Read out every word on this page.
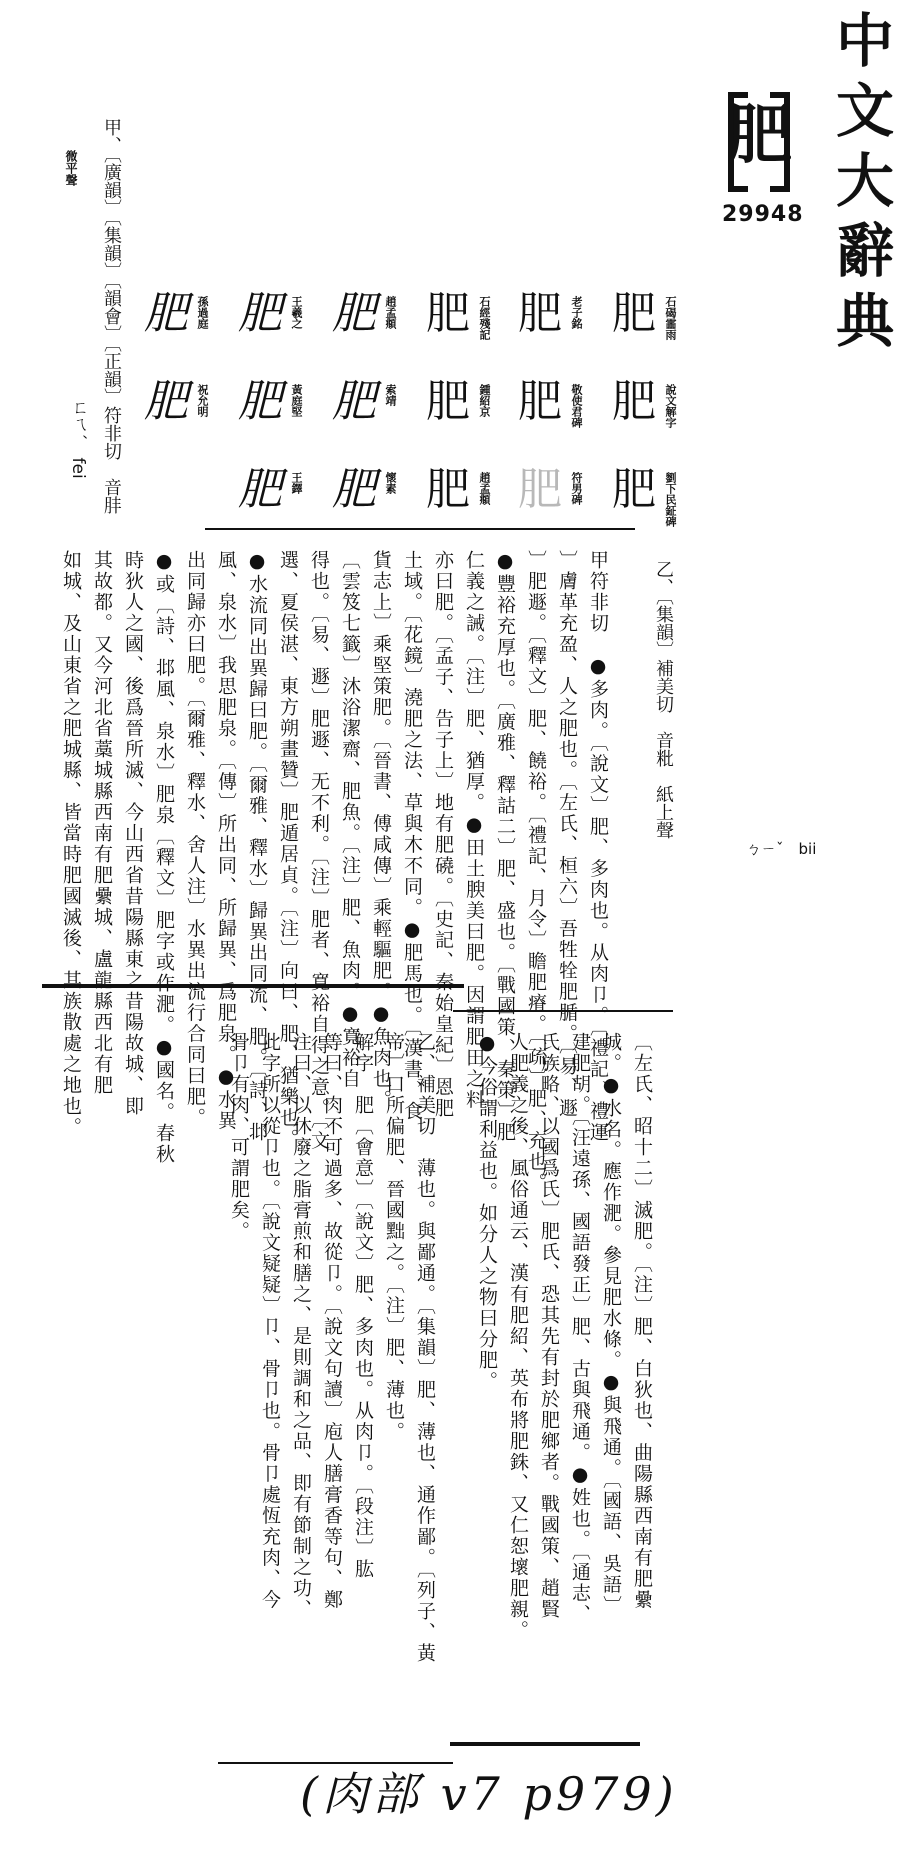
中文大辭典
肥
29948
肥 石碣霝雨
肥 說文解字
肥 劉下民鉦碑
肥 老子銘
肥 敬使君碑
肥 符男碑
肥 石經殘記
肥 鍾紹京
肥 趙孟頫
肥 趙孟頫
肥 索靖
肥 懷素
肥 王羲之
肥 黃庭堅
肥 王鐸
肥 孫過庭
肥 祝允明
甲、〔廣韻〕〔集韻〕〔韻會〕〔正韻〕符非切　音肨
微平聲
ㄈㄟˊ　fei
乙、〔集韻〕補美切　音粃　紙上聲
ㄅㄧˇ　bii
甲符非切　●多肉。〔說文〕肥、多肉也。从肉卩。〔禮記、禮運
〕膚革充盈、人之肥也。〔左氏、桓六〕吾牲牷肥腯。〔易、遯
〕肥遯。〔釋文〕肥、饒裕。〔禮記、月令〕瞻肥瘠。〔疏〕肥、充也。
●豐裕充厚也。〔廣雅、釋詁二〕肥、盛也。〔戰國策、秦策〕肥
仁義之誡。〔注〕肥、猶厚。●田土腴美曰肥。因謂肥田之料
亦曰肥。〔孟子、告子上〕地有肥磽。〔史記、秦始皇紀〕恩肥
土域。〔花鏡〕澆肥之法、草與木不同。●肥馬也。〔漢書、食
貨志上〕乘堅策肥。〔晉書、傅咸傳〕乘輕驅肥。●魚肉也。
〔雲笈七籤〕沐浴潔齋、肥魚。〔注〕肥、魚肉。●寬裕自
得也。〔易、遯〕肥遯、无不利。〔注〕肥者、寬裕自得之意。〔文
選、夏侯湛、東方朔畫贊〕肥遁居貞。〔注〕向曰、肥、猶樂也。
●水流同出異歸曰肥。〔爾雅、釋水〕歸異出同流、肥。〔詩、邶
風、泉水〕我思肥泉。〔傳〕所出同、所歸異、爲肥泉。●水異
出同歸亦曰肥。〔爾雅、釋水、舍人注〕水異出流行合同曰肥。
●或〔詩、邶風、泉水〕肥泉〔釋文〕肥字或作淝。●國名。春秋
時狄人之國、後爲晉所滅、今山西省昔陽縣東之昔陽故城、即
其故都。又今河北省藁城縣西南有肥纍城、盧龍縣西北有肥
如城、及山東省之肥城縣、皆當時肥國滅後、其族散處之地也。
〔左氏、昭十二〕滅肥。〔注〕肥、白狄也、曲陽縣西南有肥纍
城。●水名。應作淝。參見肥水條。●與飛通。〔國語、吳語〕
建肥胡。〔汪遠孫、國語發正〕肥、古與飛通。●姓也。〔通志、
氏族略、以國爲氏〕肥氏、恐其先有封於肥鄉者。戰國策、趙賢
人肥義之後、風俗通云、漢有肥紹、英布將肥銖、又仁恕壞肥親。
●今俗謂利益也。如分人之物曰分肥。
乙、補美切　薄也。與鄙通。〔集韻〕肥、薄也、通作鄙。〔列子、黃
帝〕口所偏肥、晉國黜之。〔注〕肥、薄也。
解字　肥〔會意〕〔說文〕肥、多肉也。从肉卩。〔段注〕肱
等曰、肉不可過多、故從卩。〔說文句讀〕庖人膳膏香等句、鄭
注曰、以休廢之脂膏煎和膳之、是則調和之品、即有節制之功、
此字所以從卩也。〔說文疑疑〕卩、骨卩也。骨卩處恆充肉、今
骨卩有肉、可謂肥矣。
(肉部 v7 p979)
